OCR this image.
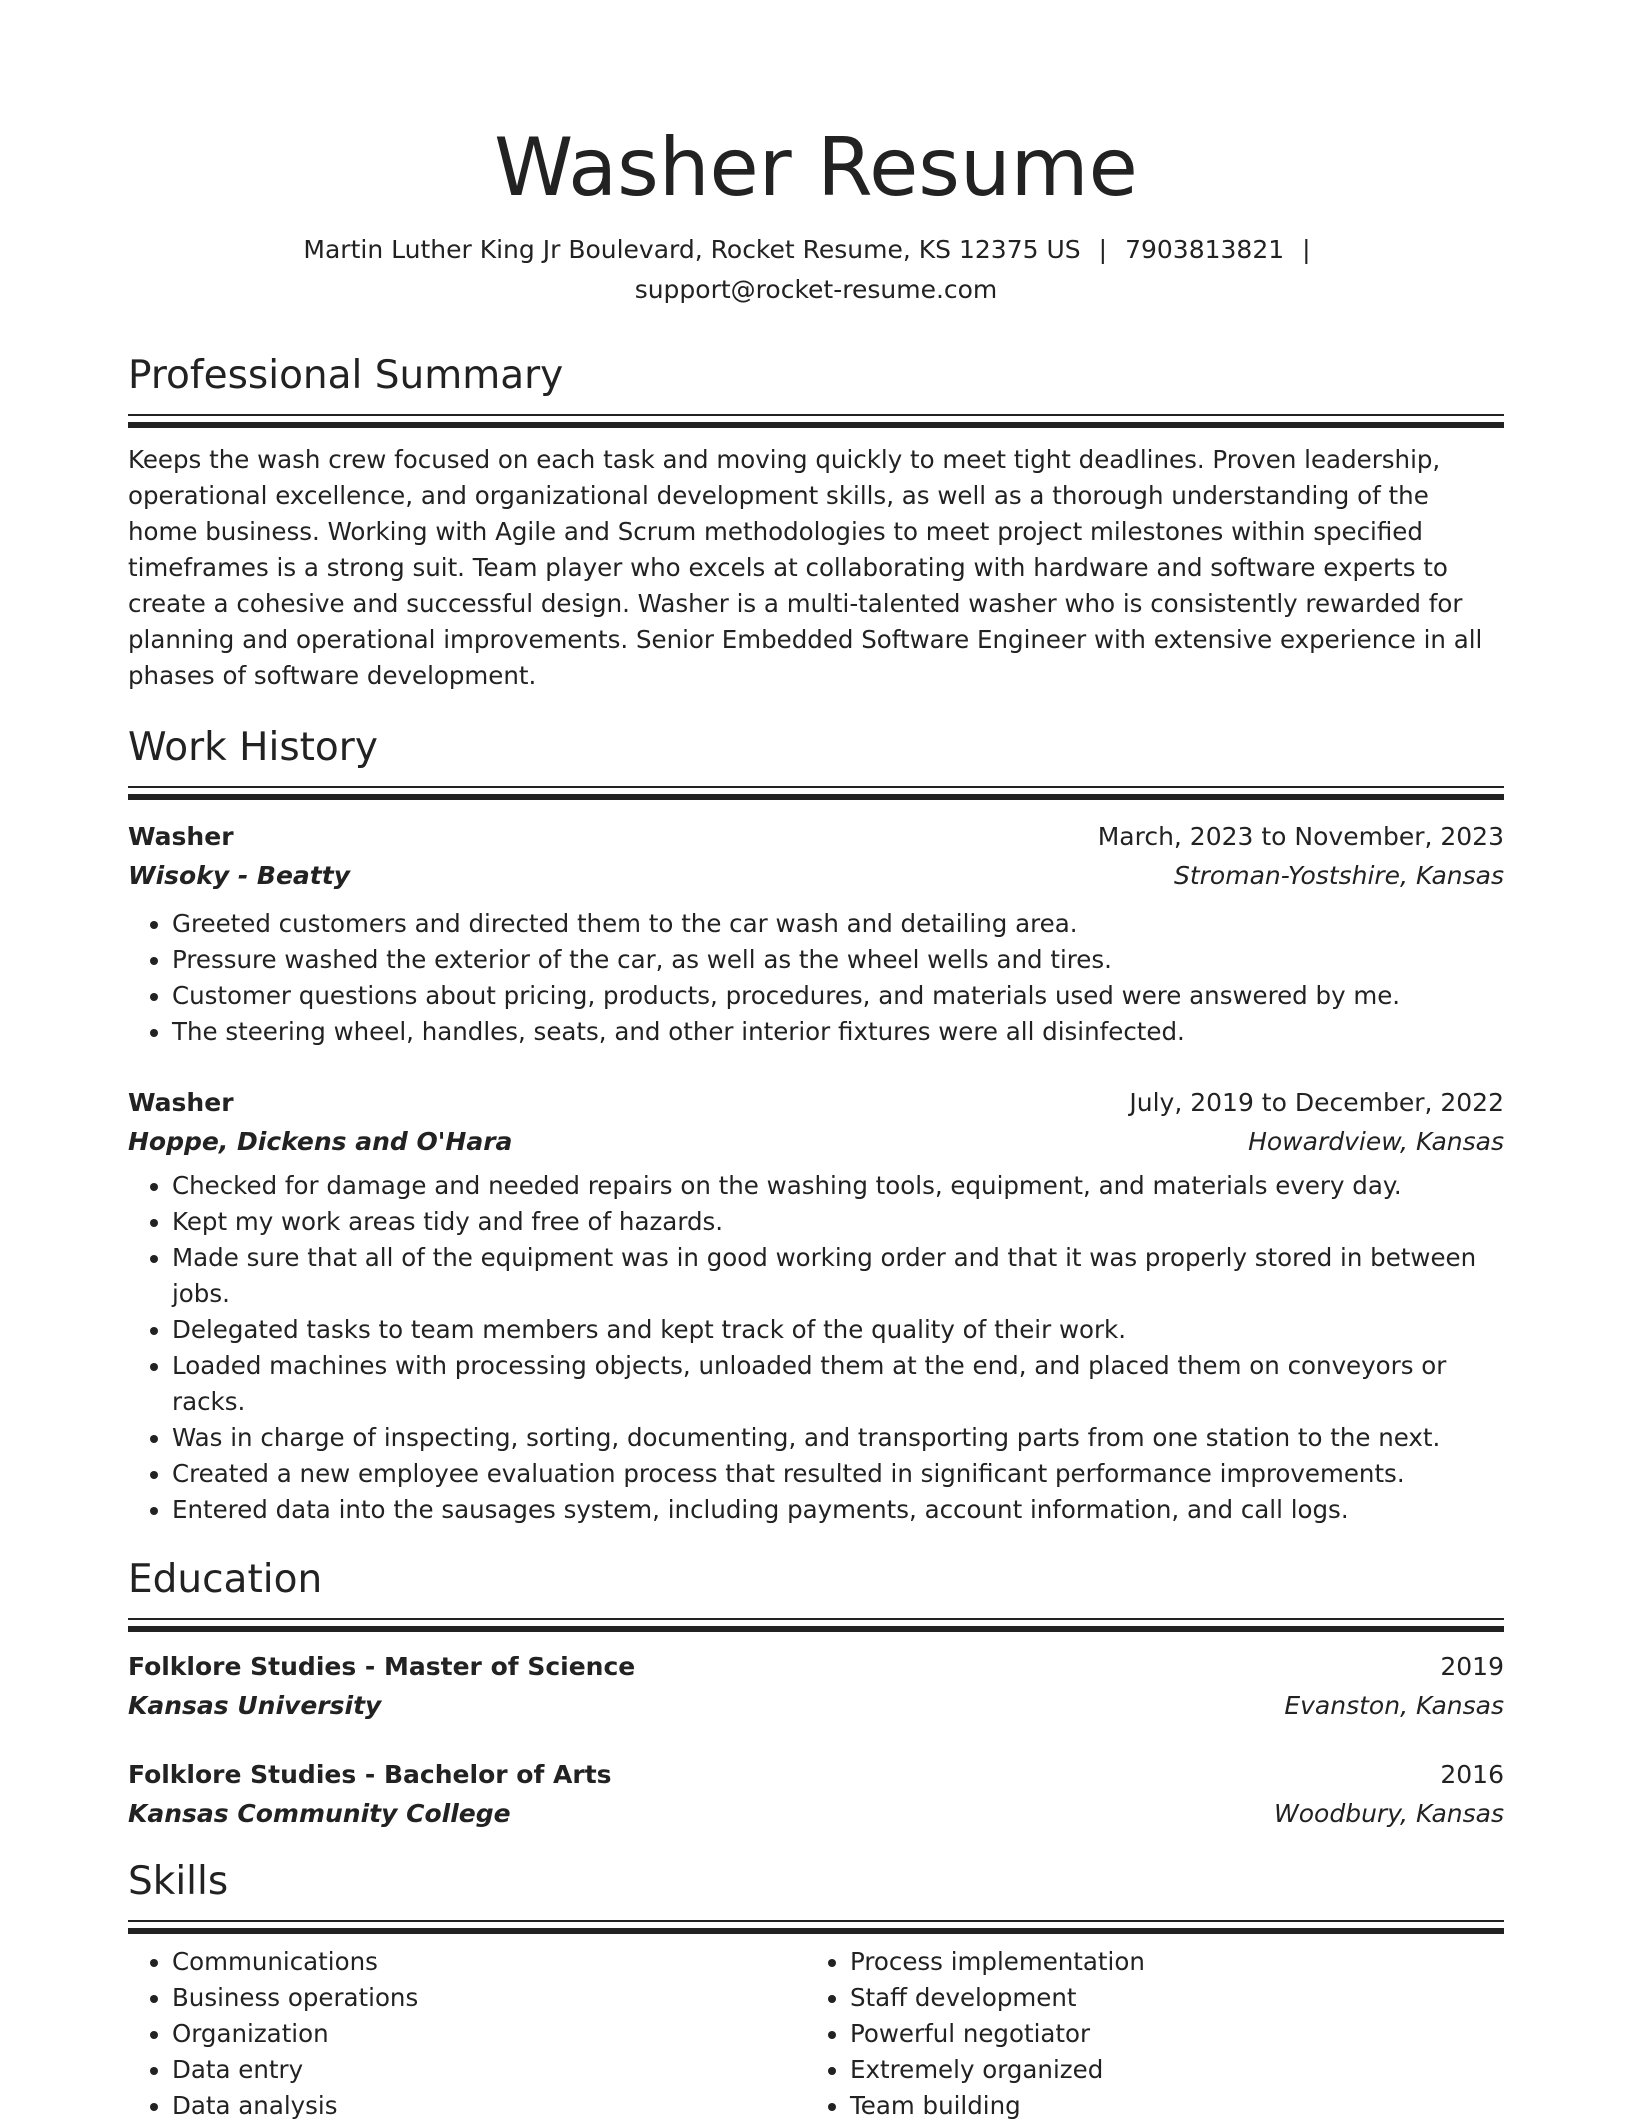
Washer Resume
Martin Luther King Jr Boulevard, Rocket Resume, KS 12375 US | 7903813821 |
support@rocket-resume.com
Professional Summary
Keeps the wash crew focused on each task and moving quickly to meet tight deadlines. Proven leadership, operational excellence, and organizational development skills, as well as a thorough understanding of the home business. Working with Agile and Scrum methodologies to meet project milestones within specified timeframes is a strong suit. Team player who excels at collaborating with hardware and software experts to create a cohesive and successful design. Washer is a multi-talented washer who is consistently rewarded for planning and operational improvements. Senior Embedded Software Engineer with extensive experience in all phases of software development.
Work History
Washer	March, 2023 to November, 2023
Wisoky - Beatty	Stroman-Yostshire, Kansas
• Greeted customers and directed them to the car wash and detailing area.
• Pressure washed the exterior of the car, as well as the wheel wells and tires.
• Customer questions about pricing, products, procedures, and materials used were answered by me.
• The steering wheel, handles, seats, and other interior fixtures were all disinfected.
Washer	July, 2019 to December, 2022
Hoppe, Dickens and O'Hara	Howardview, Kansas
• Checked for damage and needed repairs on the washing tools, equipment, and materials every day.
• Kept my work areas tidy and free of hazards.
• Made sure that all of the equipment was in good working order and that it was properly stored in between jobs.
• Delegated tasks to team members and kept track of the quality of their work.
• Loaded machines with processing objects, unloaded them at the end, and placed them on conveyors or racks.
• Was in charge of inspecting, sorting, documenting, and transporting parts from one station to the next.
• Created a new employee evaluation process that resulted in significant performance improvements.
• Entered data into the sausages system, including payments, account information, and call logs.
Education
Folklore Studies - Master of Science	2019
Kansas University	Evanston, Kansas
Folklore Studies - Bachelor of Arts	2016
Kansas Community College	Woodbury, Kansas
Skills
• Communications
• Business operations
• Organization
• Data entry
• Data analysis
• Process implementation
• Staff development
• Powerful negotiator
• Extremely organized
• Team building
